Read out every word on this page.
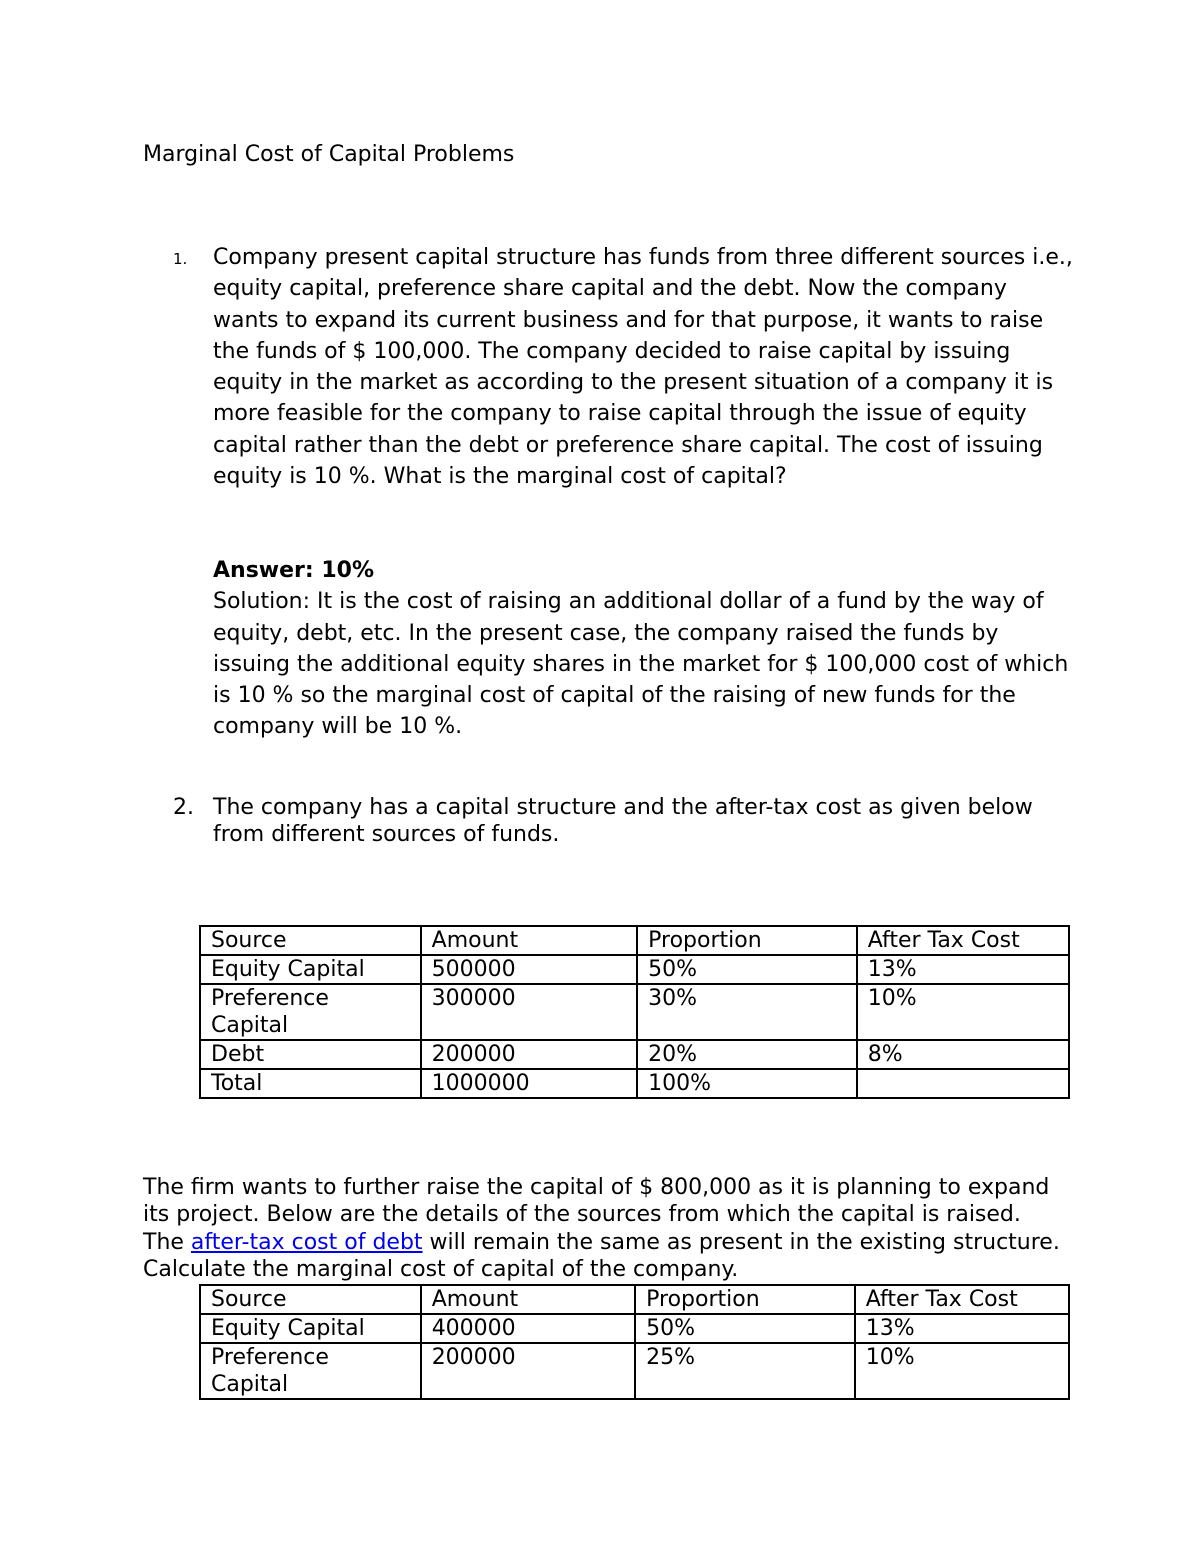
Marginal Cost of Capital Problems
1. Company present capital structure has funds from three different sources i.e., equity capital, preference share capital and the debt. Now the company wants to expand its current business and for that purpose, it wants to raise the funds of $ 100,000. The company decided to raise capital by issuing equity in the market as according to the present situation of a company it is more feasible for the company to raise capital through the issue of equity capital rather than the debt or preference share capital. The cost of issuing equity is 10 %. What is the marginal cost of capital?
Answer: 10%
Solution: It is the cost of raising an additional dollar of a fund by the way of equity, debt, etc. In the present case, the company raised the funds by issuing the additional equity shares in the market for $ 100,000 cost of which is 10 % so the marginal cost of capital of the raising of new funds for the company will be 10 %.
2. The company has a capital structure and the after-tax cost as given below from different sources of funds.
Source	Amount	Proportion	After Tax Cost
Equity Capital	500000	50%	13%
Preference Capital	300000	30%	10%
Debt	200000	20%	8%
Total	1000000	100%	
The firm wants to further raise the capital of $ 800,000 as it is planning to expand its project. Below are the details of the sources from which the capital is raised. The after-tax cost of debt will remain the same as present in the existing structure. Calculate the marginal cost of capital of the company.
Source	Amount	Proportion	After Tax Cost
Equity Capital	400000	50%	13%
Preference Capital	200000	25%	10%
